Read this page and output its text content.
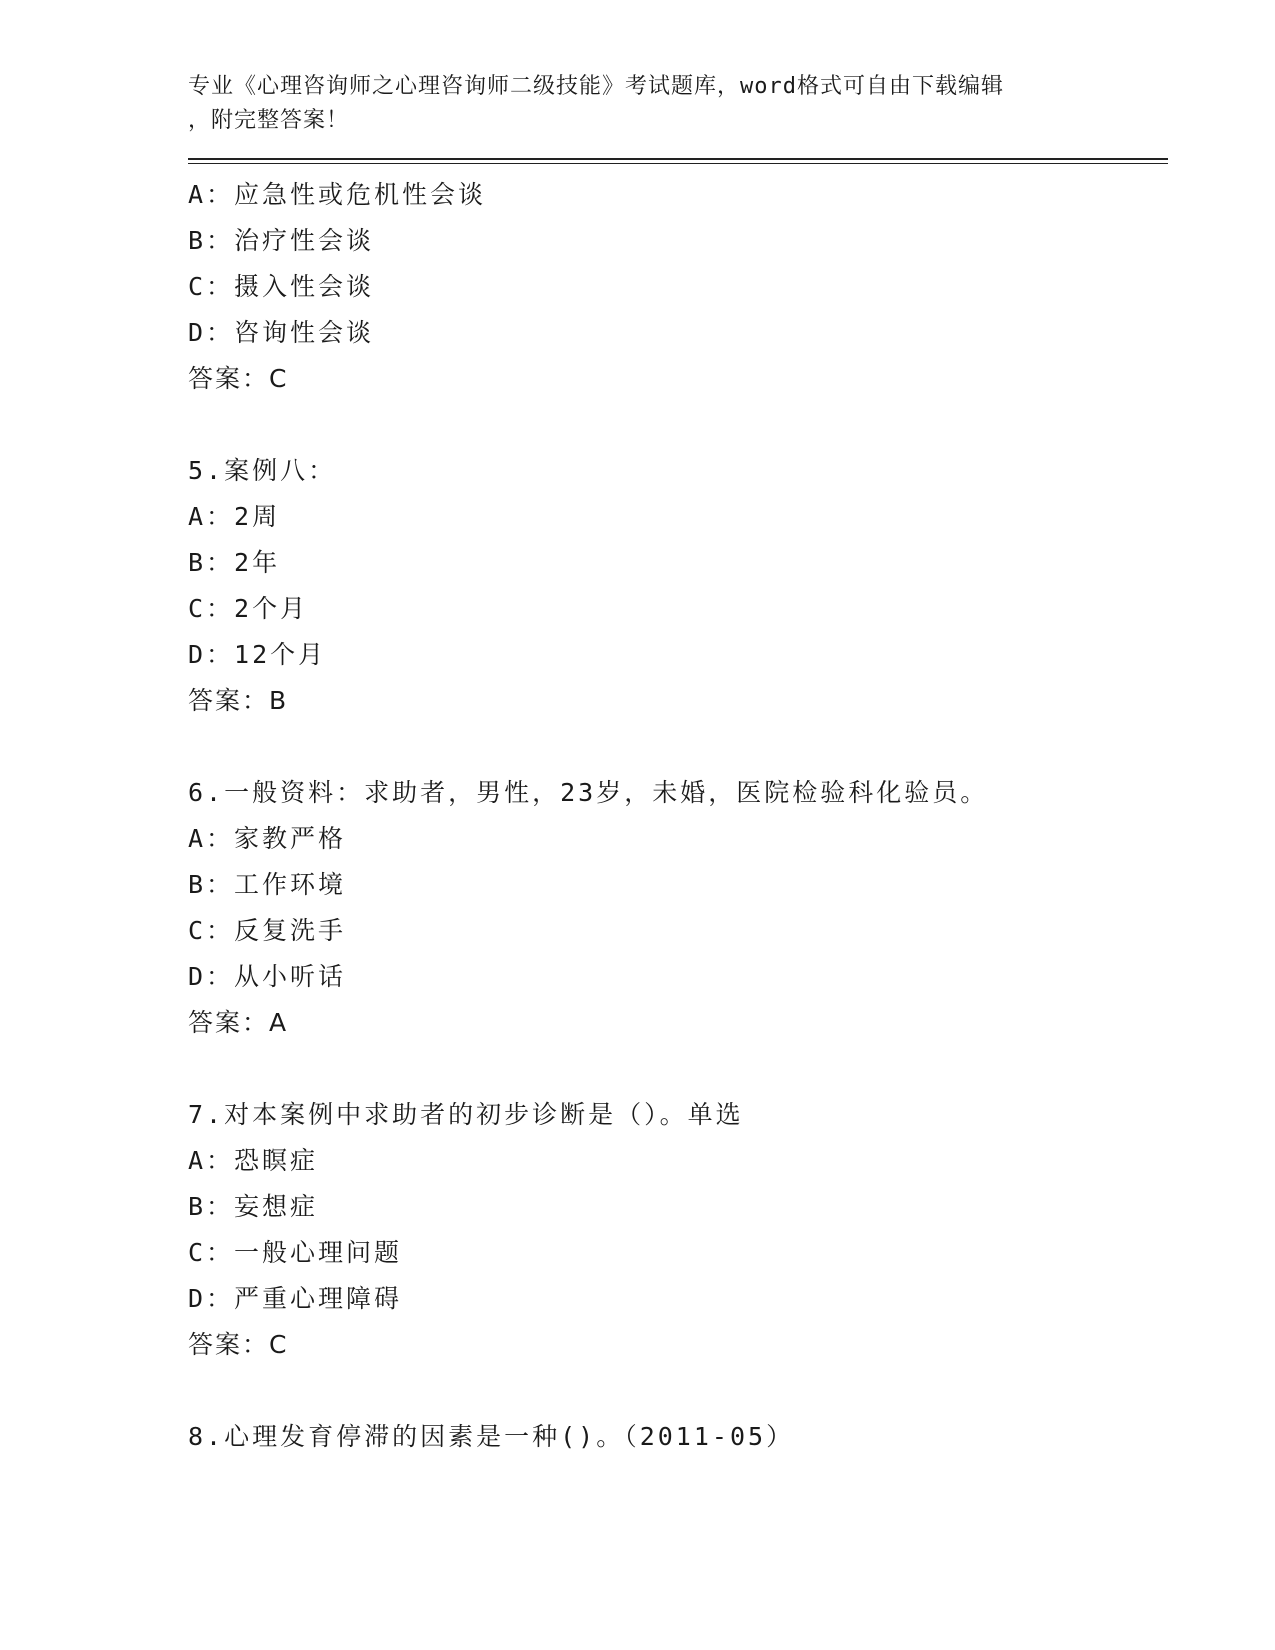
专业《心理咨询师之心理咨询师二级技能》考试题库，word格式可自由下载编辑
，附完整答案！
A：应急性或危机性会谈
B：治疗性会谈
C：摄入性会谈
D：咨询性会谈
答案：C
5.案例八：
A：2周
B：2年
C：2个月
D：12个月
答案：B
6.一般资料：求助者，男性，23岁，未婚，医院检验科化验员。
A：家教严格
B：工作环境
C：反复洗手
D：从小听话
答案：A
7.对本案例中求助者的初步诊断是（）。单选
A：恐瞑症
B：妄想症
C：一般心理问题
D：严重心理障碍
答案：C
8.心理发育停滞的因素是一种()。（2011-05）
